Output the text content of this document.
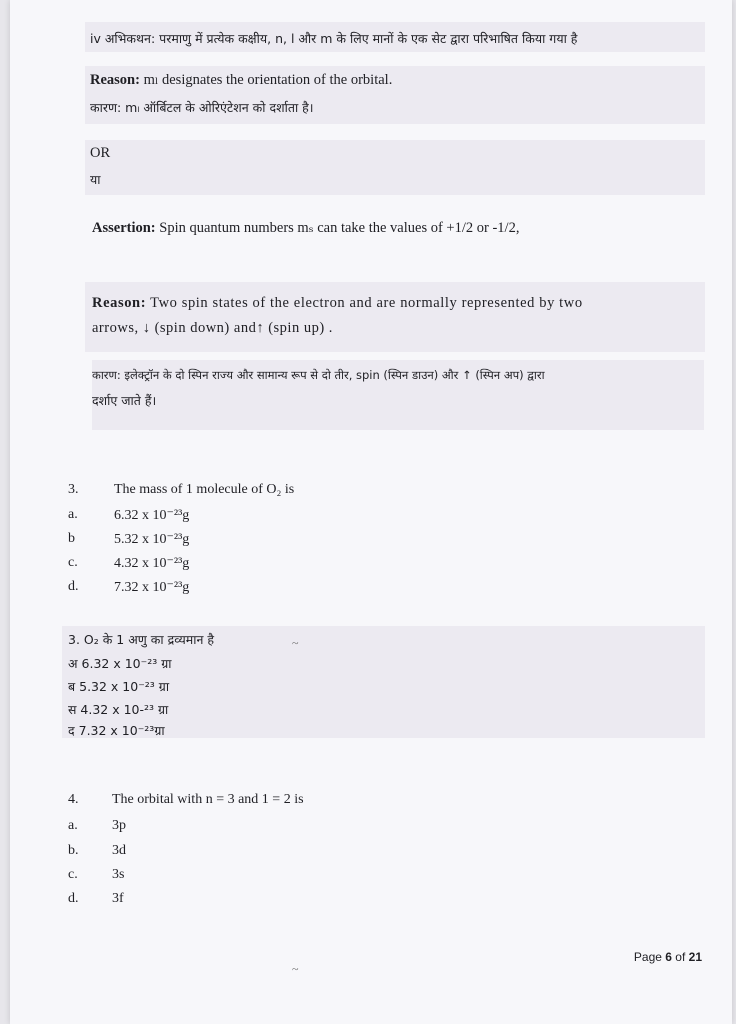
iv अभिकथन: परमाणु में प्रत्येक कक्षीय, n, l और m के लिए मानों के एक सेट द्वारा परिभाषित किया गया है
Reason: mₗ designates the orientation of the orbital.
कारण: mₗ ऑर्बिटल के ओरिएंटेशन को दर्शाता है।
OR
या
Assertion: Spin quantum numbers mₛ can take the values of +1/2 or -1/2,
Reason: Two spin states of the electron and are normally represented by two
arrows, ↓ (spin down) and↑ (spin up) .
कारण: इलेक्ट्रॉन के दो स्पिन राज्य और सामान्य रूप से दो तीर, spin (स्पिन डाउन) और ↑ (स्पिन अप) द्वारा
दर्शाए जाते हैं।
3.	The mass of 1 molecule of O₂ is
a.	6.32 x 10⁻²³g
b	5.32 x 10⁻²³g
c.	4.32 x 10⁻²³g
d.	7.32 x 10⁻²³g
3. O₂ के 1 अणु का द्रव्यमान है	~
अ 6.32 x 10⁻²³ ग्रा
ब 5.32 x 10⁻²³ ग्रा
स 4.32 x 10-²³ ग्रा
द 7.32 x 10⁻²³ग्रा
4. The orbital with n = 3 and 1 = 2 is
a. 3p
b. 3d
c. 3s
d. 3f
~
Page 6 of 21
